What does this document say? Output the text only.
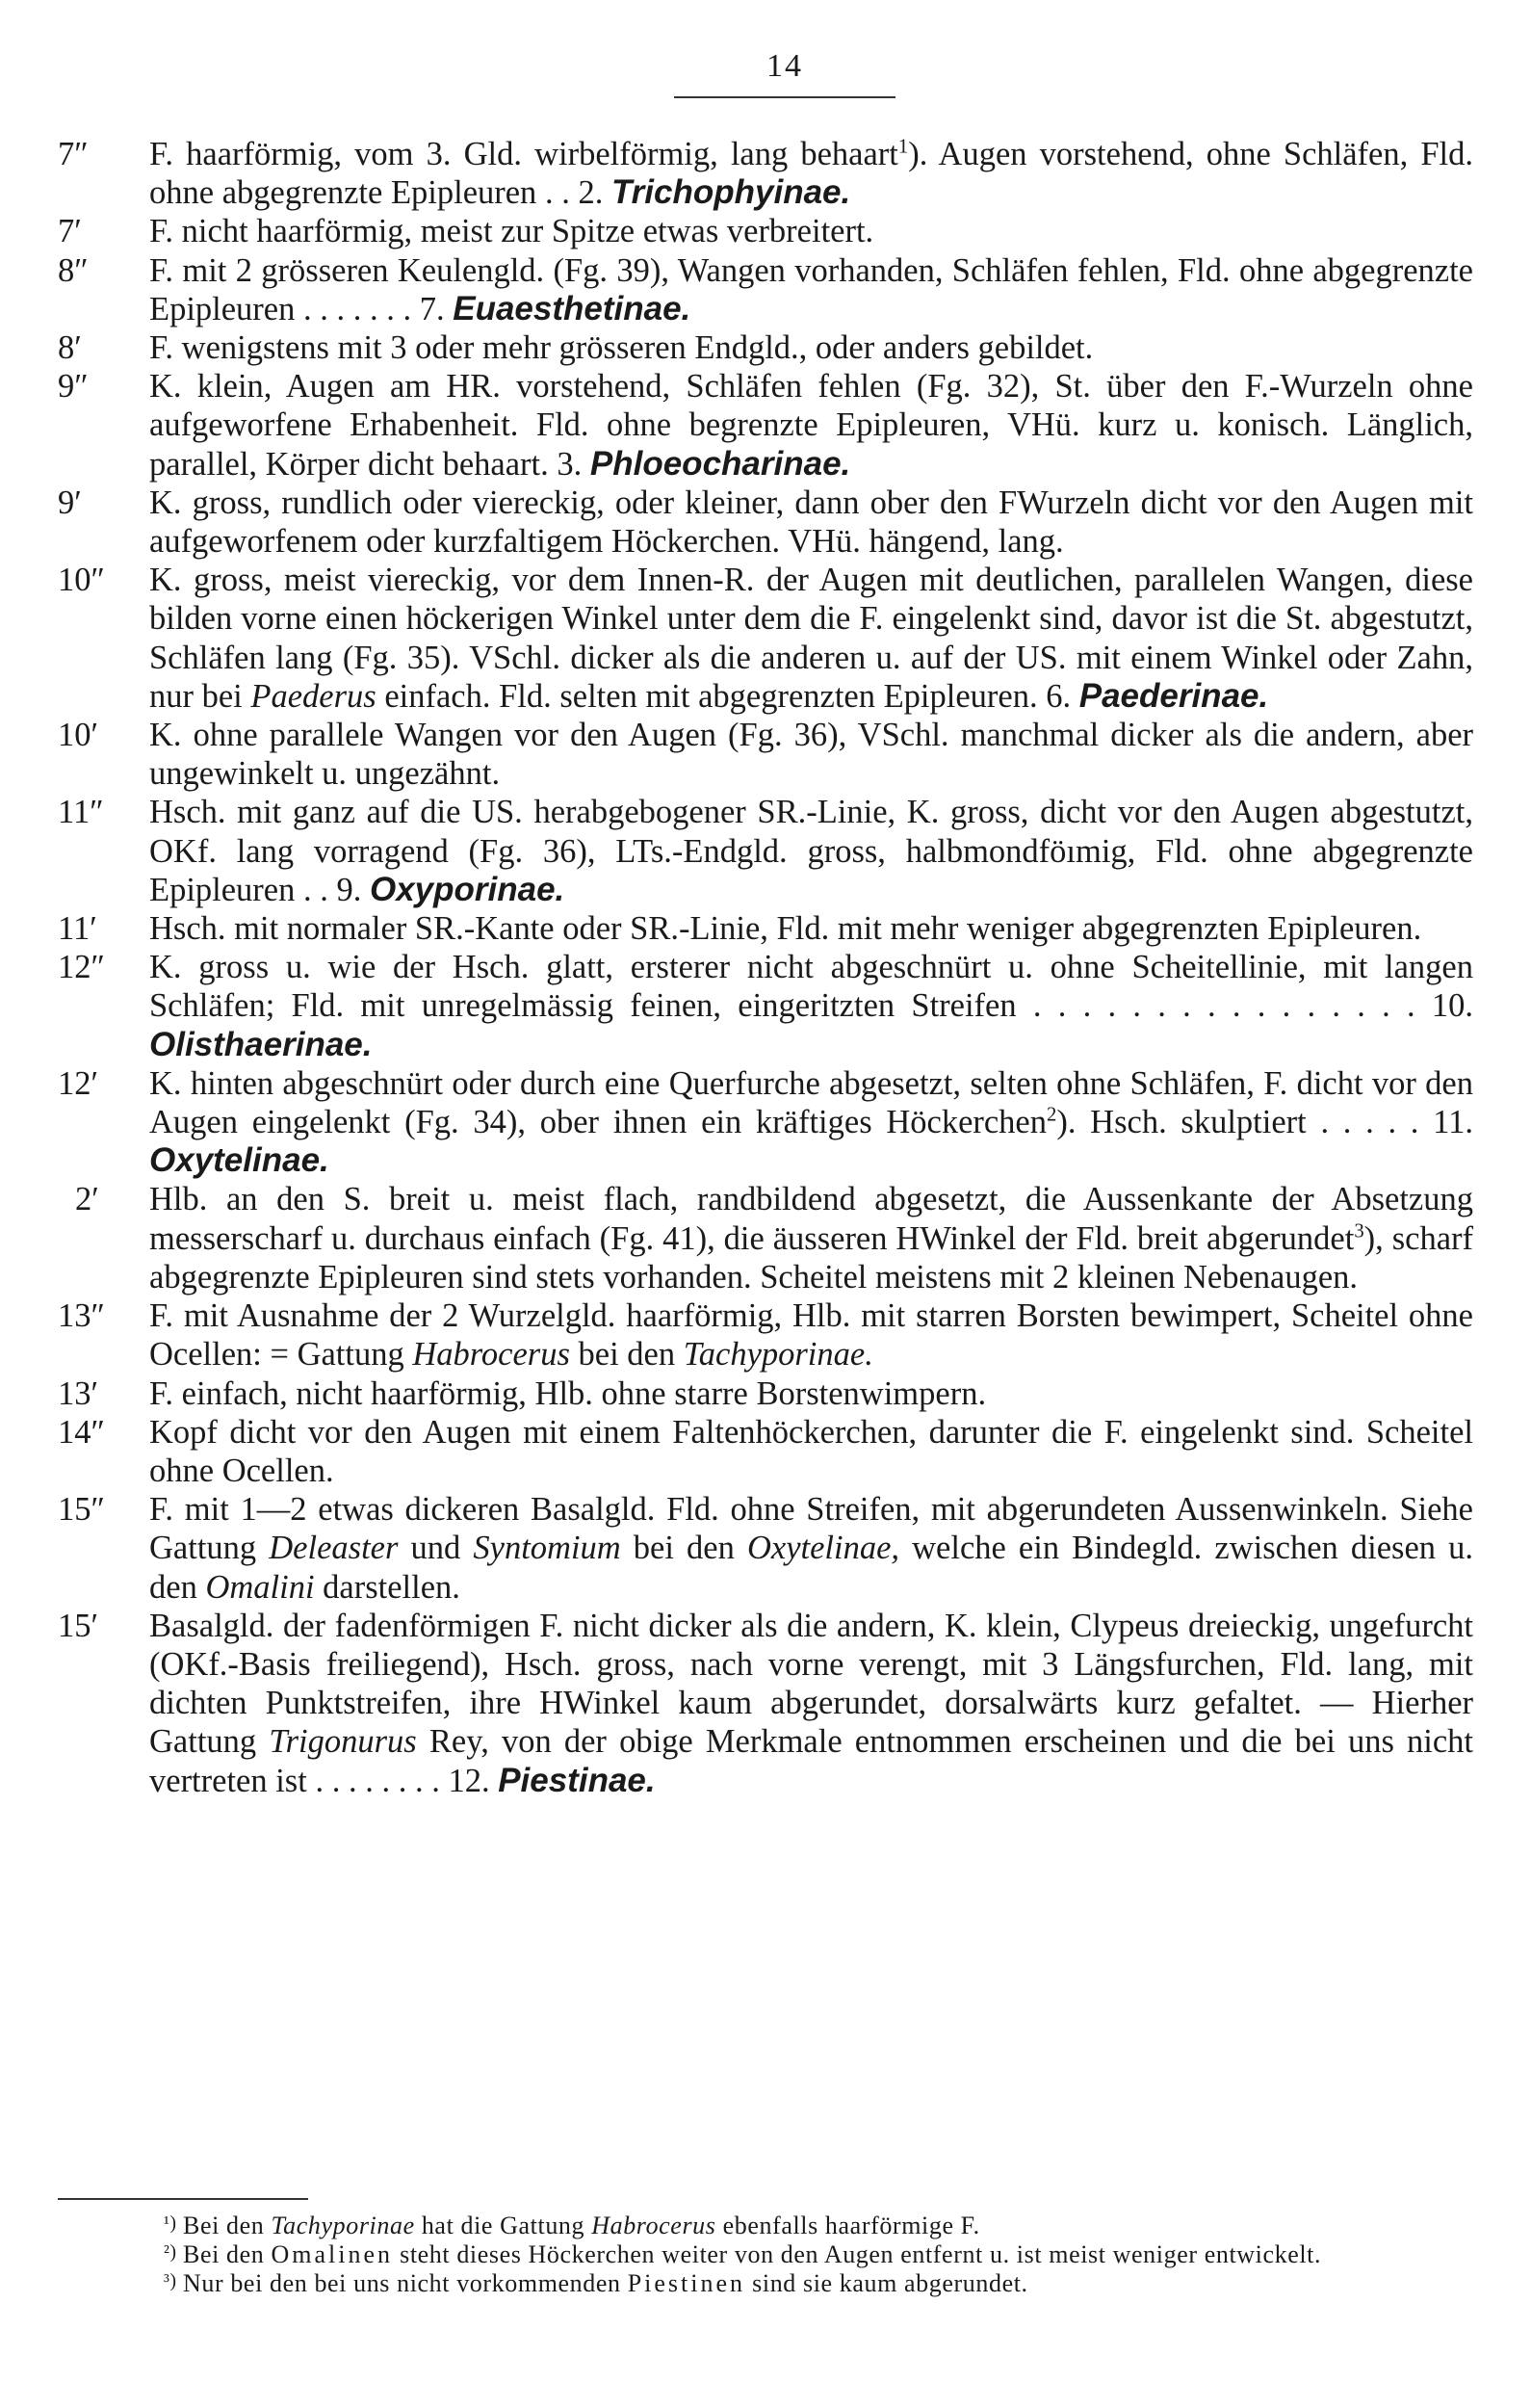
14
7″	F. haarförmig, vom 3. Gld. wirbelförmig, lang behaart$^1$). Augen vorstehend, ohne Schläfen, Fld. ohne abgegrenzte Epipleuren . . 2. Trichophyinae.
7′	F. nicht haarförmig, meist zur Spitze etwas verbreitert.
8″	F. mit 2 grösseren Keulengld. (Fg. 39), Wangen vorhanden, Schläfen fehlen, Fld. ohne abgegrenzte Epipleuren . . . . . . . 7. Euaesthetinae.
8′	F. wenigstens mit 3 oder mehr grösseren Endgld., oder anders gebildet.
9″	K. klein, Augen am HR. vorstehend, Schläfen fehlen (Fg. 32), St. über den F.-Wurzeln ohne aufgeworfene Erhabenheit. Fld. ohne begrenzte Epipleuren, VHü. kurz u. konisch. Länglich, parallel, Körper dicht behaart. 3. Phloeocharinae.
9′	K. gross, rundlich oder viereckig, oder kleiner, dann ober den FWurzeln dicht vor den Augen mit aufgeworfenem oder kurzfaltigem Höckerchen. VHü. hängend, lang.
10″	K. gross, meist viereckig, vor dem Innen-R. der Augen mit deutlichen, parallelen Wangen, diese bilden vorne einen höckerigen Winkel unter dem die F. eingelenkt sind, davor ist die St. abgestutzt, Schläfen lang (Fg. 35). VSchl. dicker als die anderen u. auf der US. mit einem Winkel oder Zahn, nur bei Paederus einfach. Fld. selten mit abgegrenzten Epipleuren. 6. Paederinae.
10′	K. ohne parallele Wangen vor den Augen (Fg. 36), VSchl. manchmal dicker als die andern, aber ungewinkelt u. ungezähnt.
11″	Hsch. mit ganz auf die US. herabgebogener SR.-Linie, K. gross, dicht vor den Augen abgestutzt, OKf. lang vorragend (Fg. 36), LTs.-Endgld. gross, halbmondföımig, Fld. ohne abgegrenzte Epipleuren . . 9. Oxyporinae.
11′	Hsch. mit normaler SR.-Kante oder SR.-Linie, Fld. mit mehr weniger abgegrenzten Epipleuren.
12″	K. gross u. wie der Hsch. glatt, ersterer nicht abgeschnürt u. ohne Scheitellinie, mit langen Schläfen; Fld. mit unregelmässig feinen, eingeritzten Streifen . . . . . . . . . . . . . . . . 10. Olisthaerinae.
12′	K. hinten abgeschnürt oder durch eine Querfurche abgesetzt, selten ohne Schläfen, F. dicht vor den Augen eingelenkt (Fg. 34), ober ihnen ein kräftiges Höckerchen$^2$). Hsch. skulptiert . . . . . 11. Oxytelinae.
2′	Hlb. an den S. breit u. meist flach, randbildend abgesetzt, die Aussenkante der Absetzung messerscharf u. durchaus einfach (Fg. 41), die äusseren HWinkel der Fld. breit abgerundet$^3$), scharf abgegrenzte Epipleuren sind stets vorhanden. Scheitel meistens mit 2 kleinen Nebenaugen.
13″	F. mit Ausnahme der 2 Wurzelgld. haarförmig, Hlb. mit starren Borsten bewimpert, Scheitel ohne Ocellen: = Gattung Habrocerus bei den Tachyporinae.
13′	F. einfach, nicht haarförmig, Hlb. ohne starre Borstenwimpern.
14″	Kopf dicht vor den Augen mit einem Faltenhöckerchen, darunter die F. eingelenkt sind. Scheitel ohne Ocellen.
15″	F. mit 1—2 etwas dickeren Basalgld. Fld. ohne Streifen, mit abgerundeten Aussenwinkeln. Siehe Gattung Deleaster und Syntomium bei den Oxytelinae, welche ein Bindegld. zwischen diesen u. den Omalini darstellen.
15′	Basalgld. der fadenförmigen F. nicht dicker als die andern, K. klein, Clypeus dreieckig, ungefurcht (OKf.-Basis freiliegend), Hsch. gross, nach vorne verengt, mit 3 Längsfurchen, Fld. lang, mit dichten Punktstreifen, ihre HWinkel kaum abgerundet, dorsalwärts kurz gefaltet. — Hierher Gattung Trigonurus Rey, von der obige Merkmale entnommen erscheinen und die bei uns nicht vertreten ist . . . . . . . . 12. Piestinae.
¹) Bei den Tachyporinae hat die Gattung Habrocerus ebenfalls haarförmige F.
²) Bei den Omalinen steht dieses Höckerchen weiter von den Augen entfernt u. ist meist weniger entwickelt.
³) Nur bei den bei uns nicht vorkommenden Piestinen sind sie kaum abgerundet.
